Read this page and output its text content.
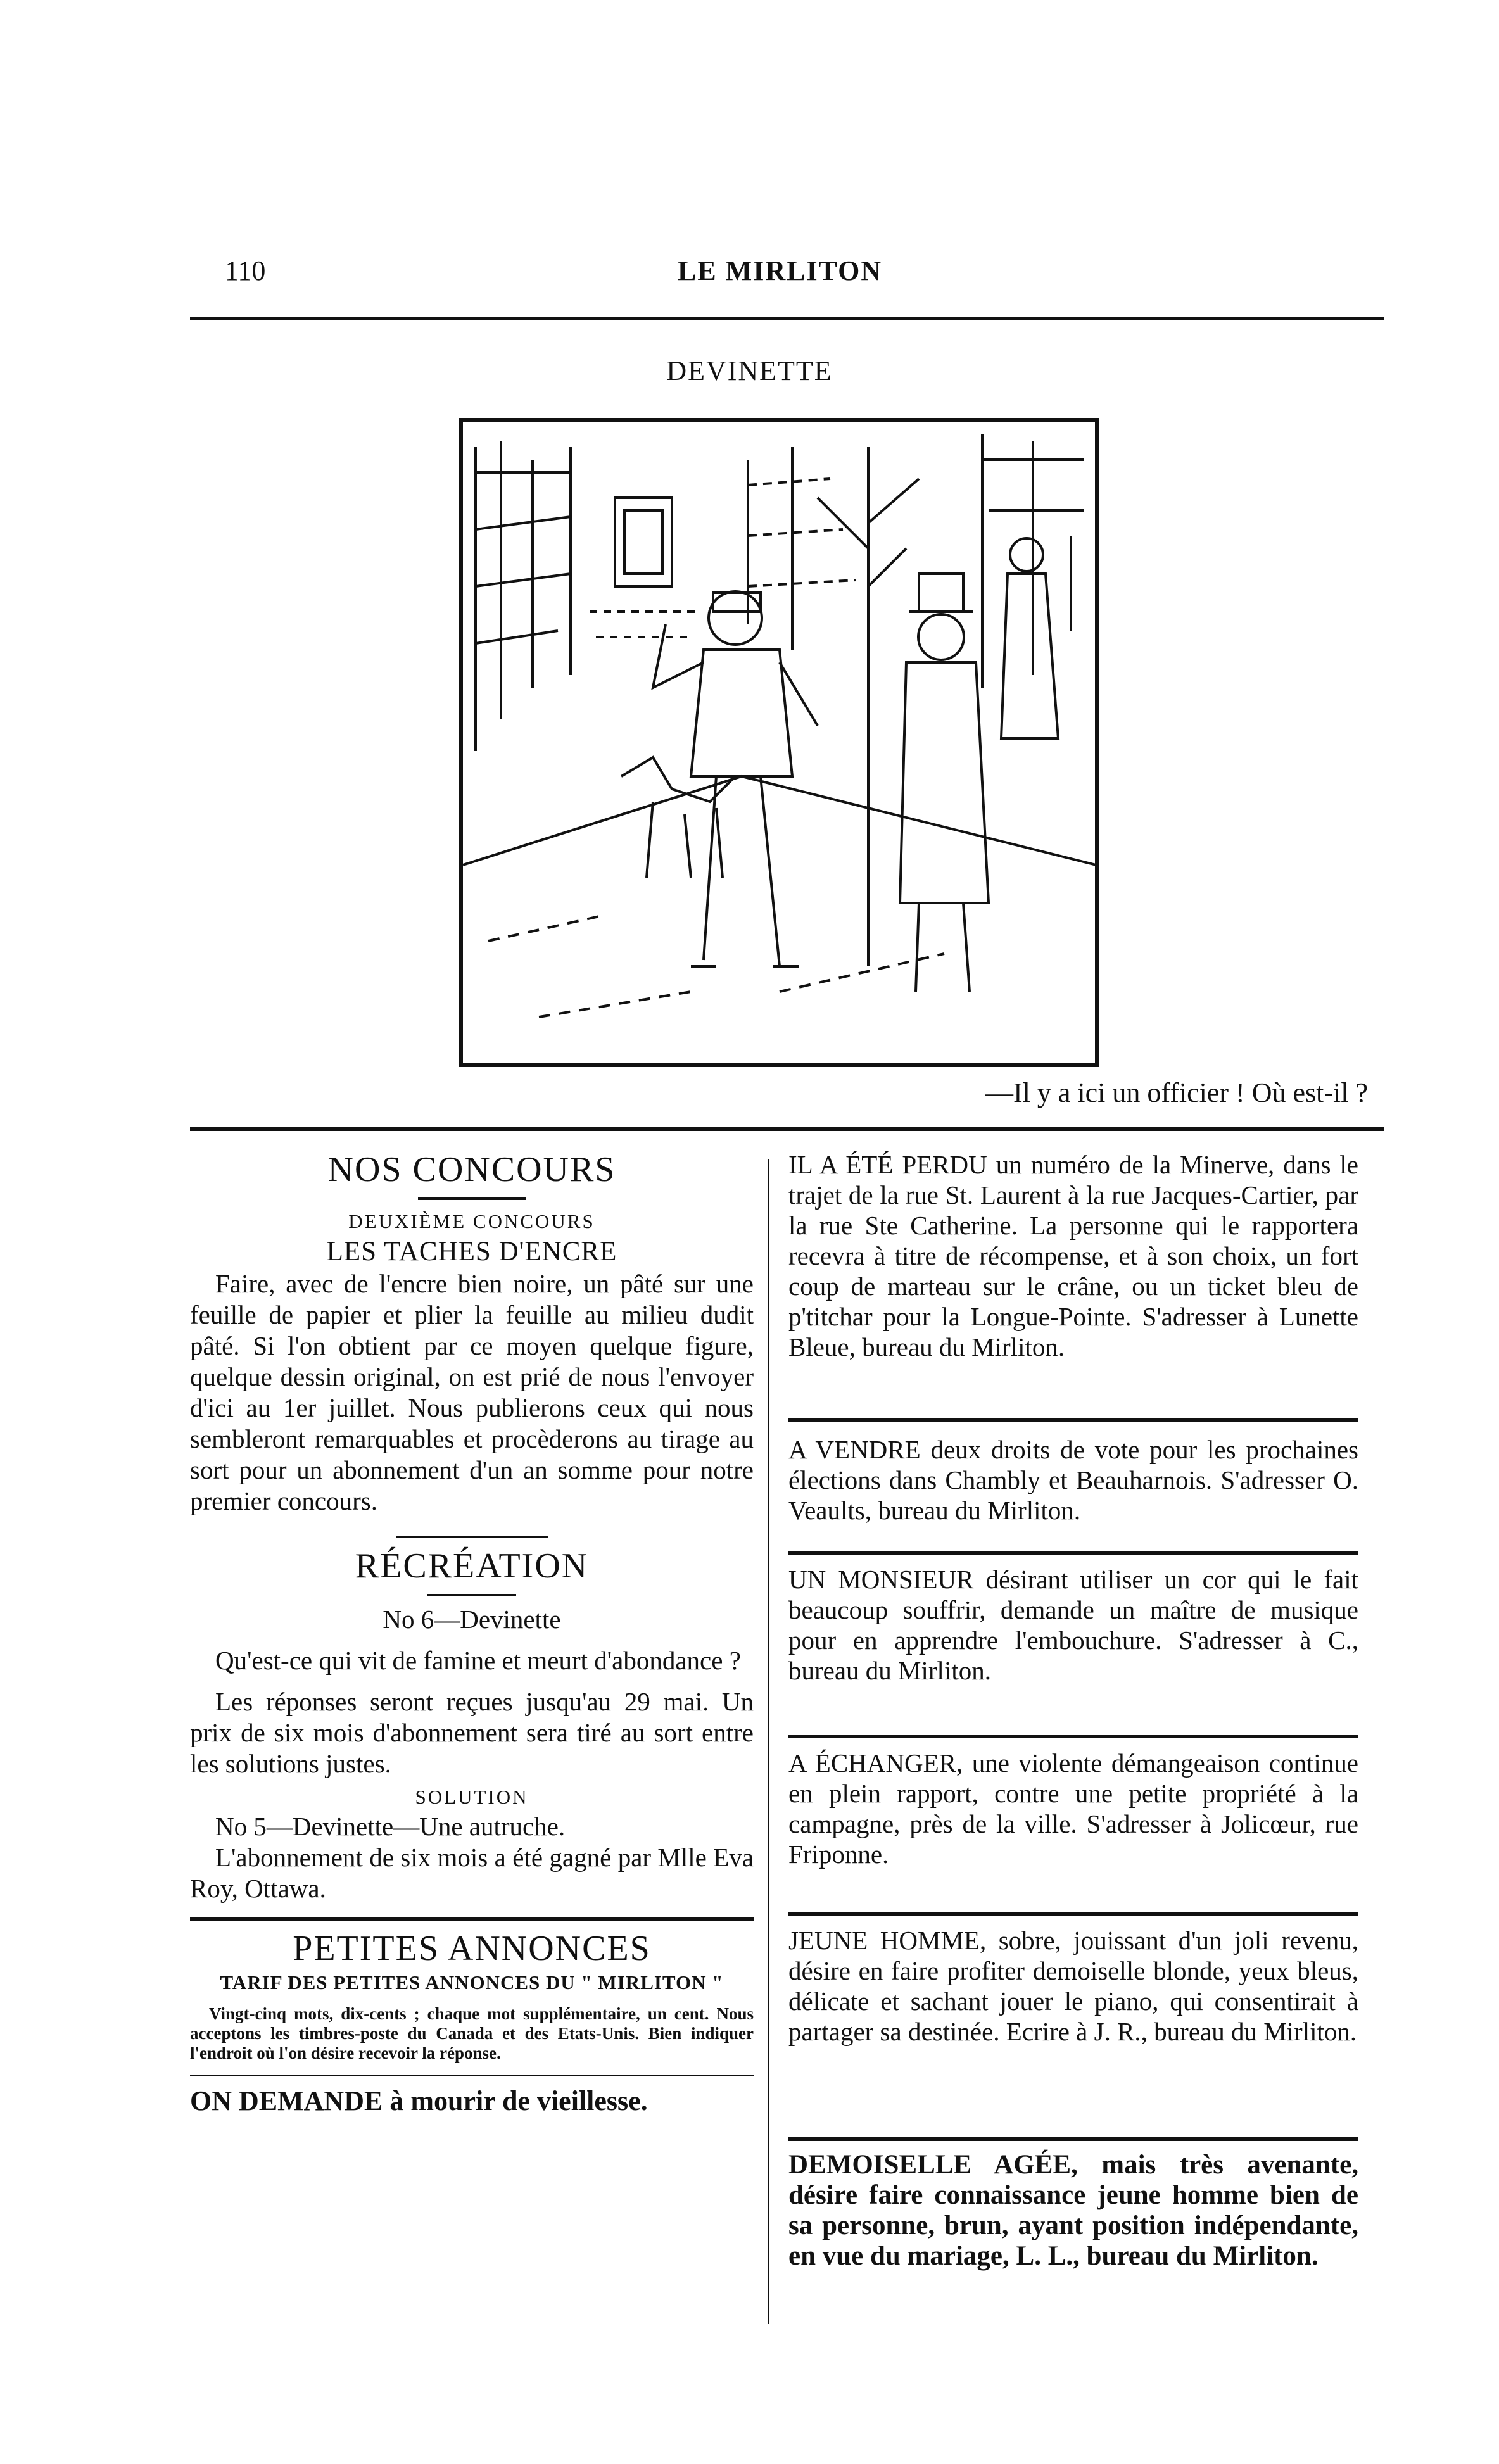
110	LE MIRLITON
DEVINETTE
—Il y a ici un officier ! Où est-il ?

NOS CONCOURS

DEUXIÈME CONCOURS

LES TACHES D'ENCRE

Faire, avec de l'encre bien noire, un pâté sur une feuille de papier et plier la feuille au milieu dudit pâté. Si l'on obtient par ce moyen quelque figure, quelque dessin original, on est prié de nous l'envoyer d'ici au 1er juillet. Nous publierons ceux qui nous sembleront remarquables et procèderons au tirage au sort pour un abonnement d'un an somme pour notre premier concours.

RÉCRÉATION

No 6—Devinette

Qu'est-ce qui vit de famine et meurt d'abondance ?

Les réponses seront reçues jusqu'au 29 mai. Un prix de six mois d'abonnement sera tiré au sort entre les solutions justes.

SOLUTION

No 5—Devinette—Une autruche.

L'abonnement de six mois a été gagné par Mlle Eva Roy, Ottawa.

PETITES ANNONCES

TARIF DES PETITES ANNONCES DU " MIRLITON "

Vingt-cinq mots, dix-cents ; chaque mot supplémentaire, un cent. Nous acceptons les timbres-poste du Canada et des Etats-Unis. Bien indiquer l'endroit où l'on désire recevoir la réponse.

ON DEMANDE à mourir de vieillesse.

IL A ÉTÉ PERDU un numéro de la Minerve, dans le trajet de la rue St. Laurent à la rue Jacques-Cartier, par la rue Ste Catherine. La personne qui le rapportera recevra à titre de récompense, et à son choix, un fort coup de marteau sur le crâne, ou un ticket bleu de p'titchar pour la Longue-Pointe. S'adresser à Lunette Bleue, bureau du Mirliton.
A VENDRE deux droits de vote pour les prochaines élections dans Chambly et Beauharnois. S'adresser O. Veaults, bureau du Mirliton.
UN MONSIEUR désirant utiliser un cor qui le fait beaucoup souffrir, demande un maître de musique pour en apprendre l'embouchure. S'adresser à C., bureau du Mirliton.
A ÉCHANGER, une violente démangeaison continue en plein rapport, contre une petite propriété à la campagne, près de la ville. S'adresser à Jolicœur, rue Friponne.
JEUNE HOMME, sobre, jouissant d'un joli revenu, désire en faire profiter demoiselle blonde, yeux bleus, délicate et sachant jouer le piano, qui consentirait à partager sa destinée. Ecrire à J. R., bureau du Mirliton.
DEMOISELLE AGÉE, mais très avenante, désire faire connaissance jeune homme bien de sa personne, brun, ayant position indépendante, en vue du mariage, L. L., bureau du Mirliton.
